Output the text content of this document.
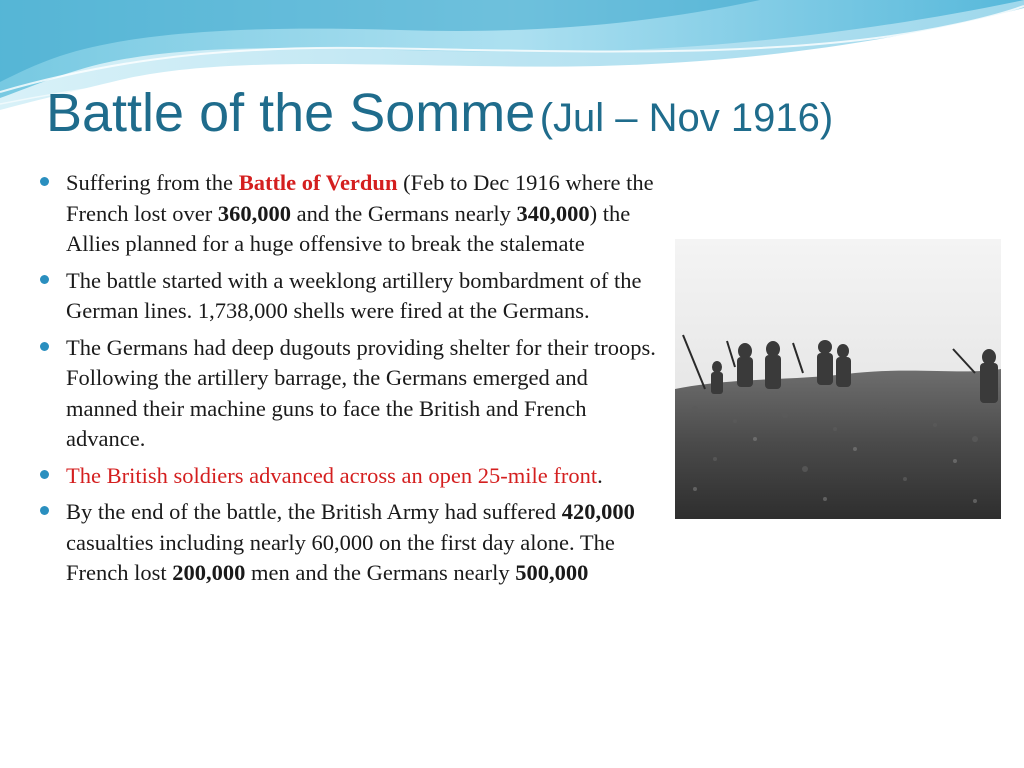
Battle of the Somme (Jul – Nov 1916)
Suffering from the Battle of Verdun (Feb to Dec 1916 where the French lost over 360,000 and the Germans nearly 340,000) the Allies planned for a huge offensive to break the stalemate
The battle started with a weeklong artillery bombardment of the German lines. 1,738,000 shells were fired at the Germans.
The Germans had deep dugouts providing shelter for their troops. Following the artillery barrage, the Germans emerged and manned their machine guns to face the British and French advance.
The British soldiers advanced across an open 25-mile front.
By the end of the battle, the British Army had suffered 420,000 casualties including nearly 60,000 on the first day alone. The French lost 200,000 men and the Germans nearly 500,000
